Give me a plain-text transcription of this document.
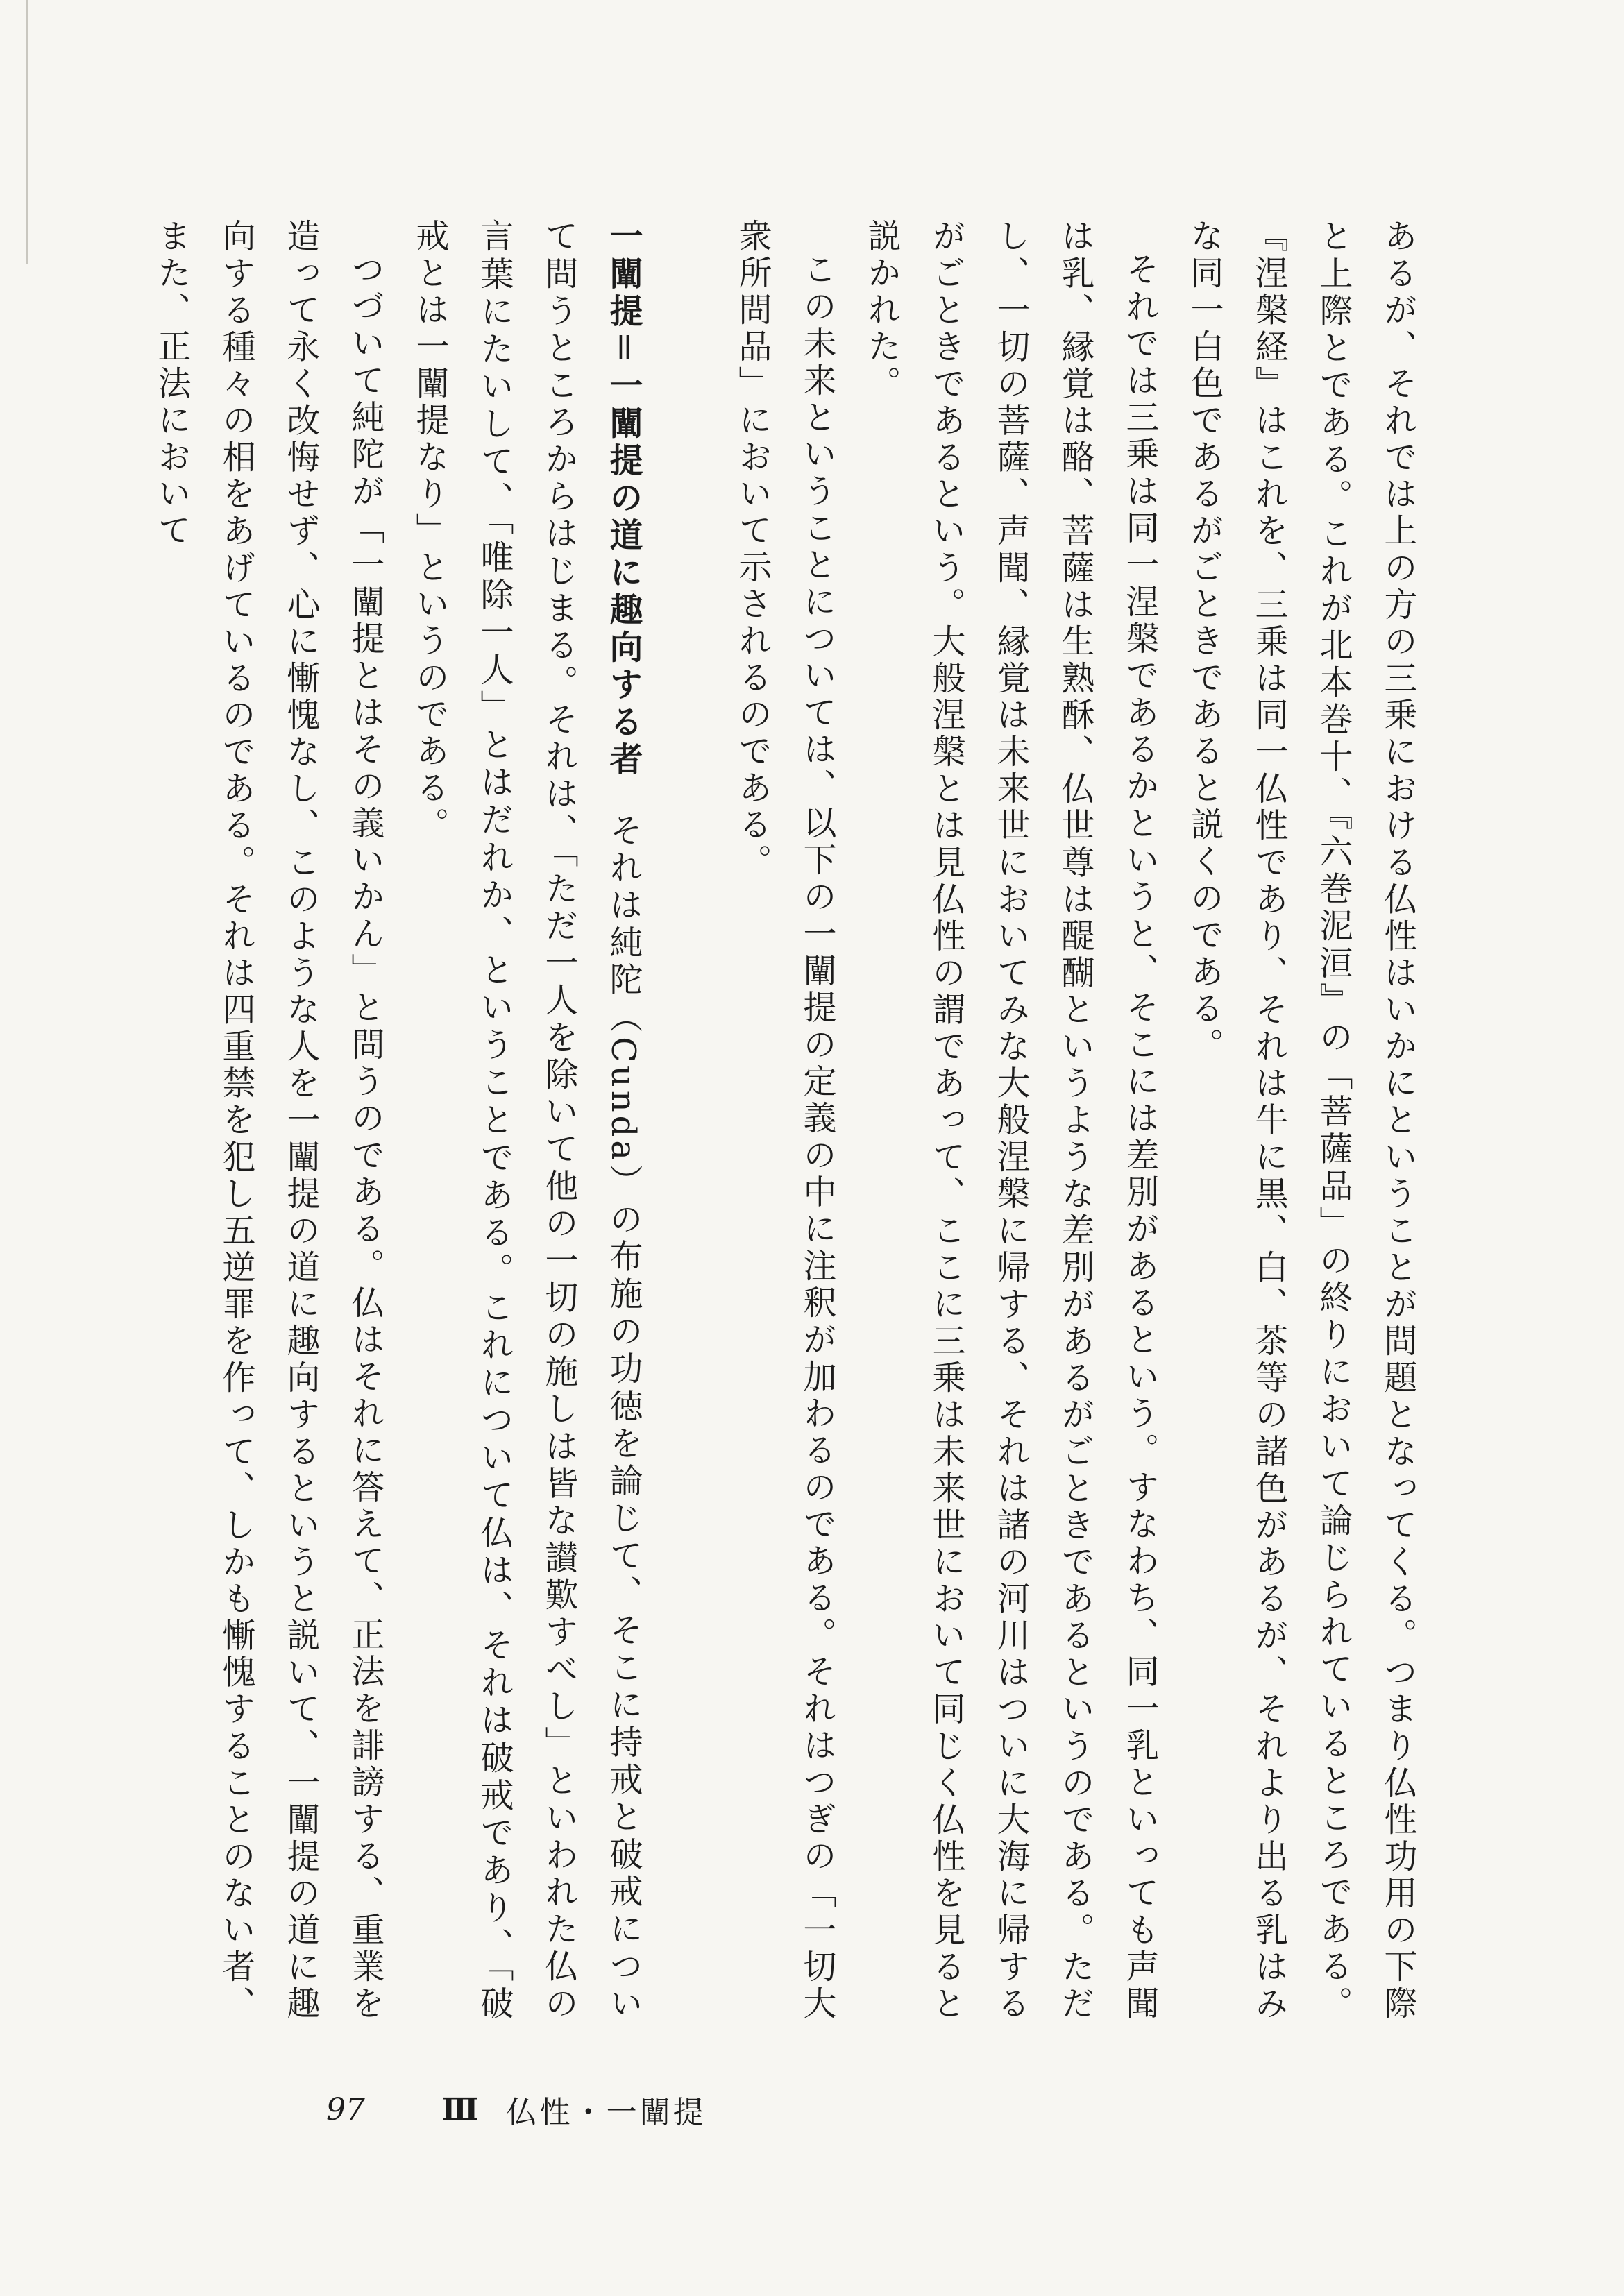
あるが、それでは上の方の三乗における仏性はいかにということが問題となってくる。つまり仏性功用の下際と上際とである。これが北本巻十、『六巻泥洹』の「菩薩品」の終りにおいて論じられているところである。『涅槃経』はこれを、三乗は同一仏性であり、それは牛に黒、白、茶等の諸色があるが、それより出る乳はみな同一白色であるがごときであると説くのである。

それでは三乗は同一涅槃であるかというと、そこには差別があるという。すなわち、同一乳といっても声聞は乳、縁覚は酪、菩薩は生熟酥、仏世尊は醍醐というような差別があるがごときであるというのである。ただし、一切の菩薩、声聞、縁覚は未来世においてみな大般涅槃に帰する、それは諸の河川はついに大海に帰するがごときであるという。大般涅槃とは見仏性の謂であって、ここに三乗は未来世において同じく仏性を見ると説かれた。

この未来ということについては、以下の一闡提の定義の中に注釈が加わるのである。それはつぎの「一切大衆所問品」において示されるのである。

一闡提＝一闡提の道に趣向する者それは純陀（Cunda）の布施の功徳を論じて、そこに持戒と破戒について問うところからはじまる。それは、「ただ一人を除いて他の一切の施しは皆な讃歎すべし」といわれた仏の言葉にたいして、「唯除一人」とはだれか、ということである。これについて仏は、それは破戒であり、「破戒とは一闡提なり」というのである。

つづいて純陀が「一闡提とはその義いかん」と問うのである。仏はそれに答えて、正法を誹謗する、重業を造って永く改悔せず、心に慚愧なし、このような人を一闡提の道に趣向するというと説いて、一闡提の道に趣向する種々の相をあげているのである。それは四重禁を犯し五逆罪を作って、しかも慚愧することのない者、また、正法において

97	Ⅲ 仏性・一闡提
